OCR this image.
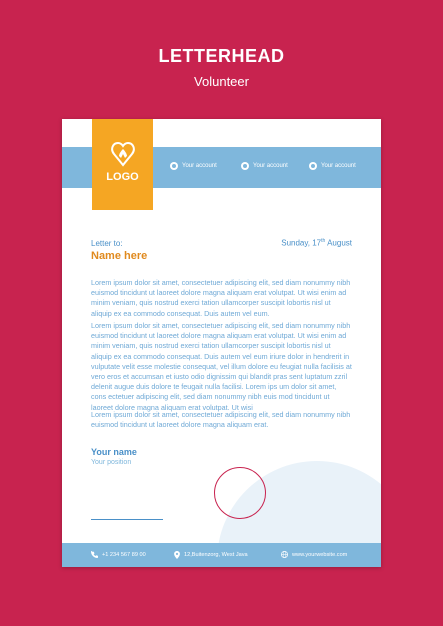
LETTERHEAD
Volunteer
LOGO
Your account	Your account	Your account
Letter to:
Name here
Sunday, 17th August
Lorem ipsum dolor sit amet, consectetuer adipiscing elit, sed diam nonummy nibh euismod tincidunt ut laoreet dolore magna aliquam erat volutpat. Ut wisi enim ad minim veniam, quis nostrud exerci tation ullamcorper suscipit lobortis nisl ut aliquip ex ea commodo consequat. Duis autem vel eum.
Lorem ipsum dolor sit amet, consectetuer adipiscing elit, sed diam nonummy nibh euismod tincidunt ut laoreet dolore magna aliquam erat volutpat. Ut wisi enim ad minim veniam, quis nostrud exerci tation ullamcorper suscipit lobortis nisl ut aliquip ex ea commodo consequat. Duis autem vel eum iriure dolor in hendrerit in vulputate velit esse molestie consequat, vel illum dolore eu feugiat nulla facilisis at vero eros et accumsan et iusto odio dignissim qui blandit pras sent luptatum zzril delenit augue duis dolore te feugait nulla facilisi. Lorem ips um dolor sit amet, cons ectetuer adipiscing elit, sed diam nonummy nibh euis mod tincidunt ut laoreet dolore magna aliquam erat volutpat. Ut wisi
Lorem ipsum dolor sit amet, consectetuer adipiscing elit, sed diam nonummy nibh euismod tincidunt ut laoreet dolore magna aliquam erat.
Your name
Your position
+1 234 567 89 00	12,Buitenzorg, West Java	www.yourwebsite.com
